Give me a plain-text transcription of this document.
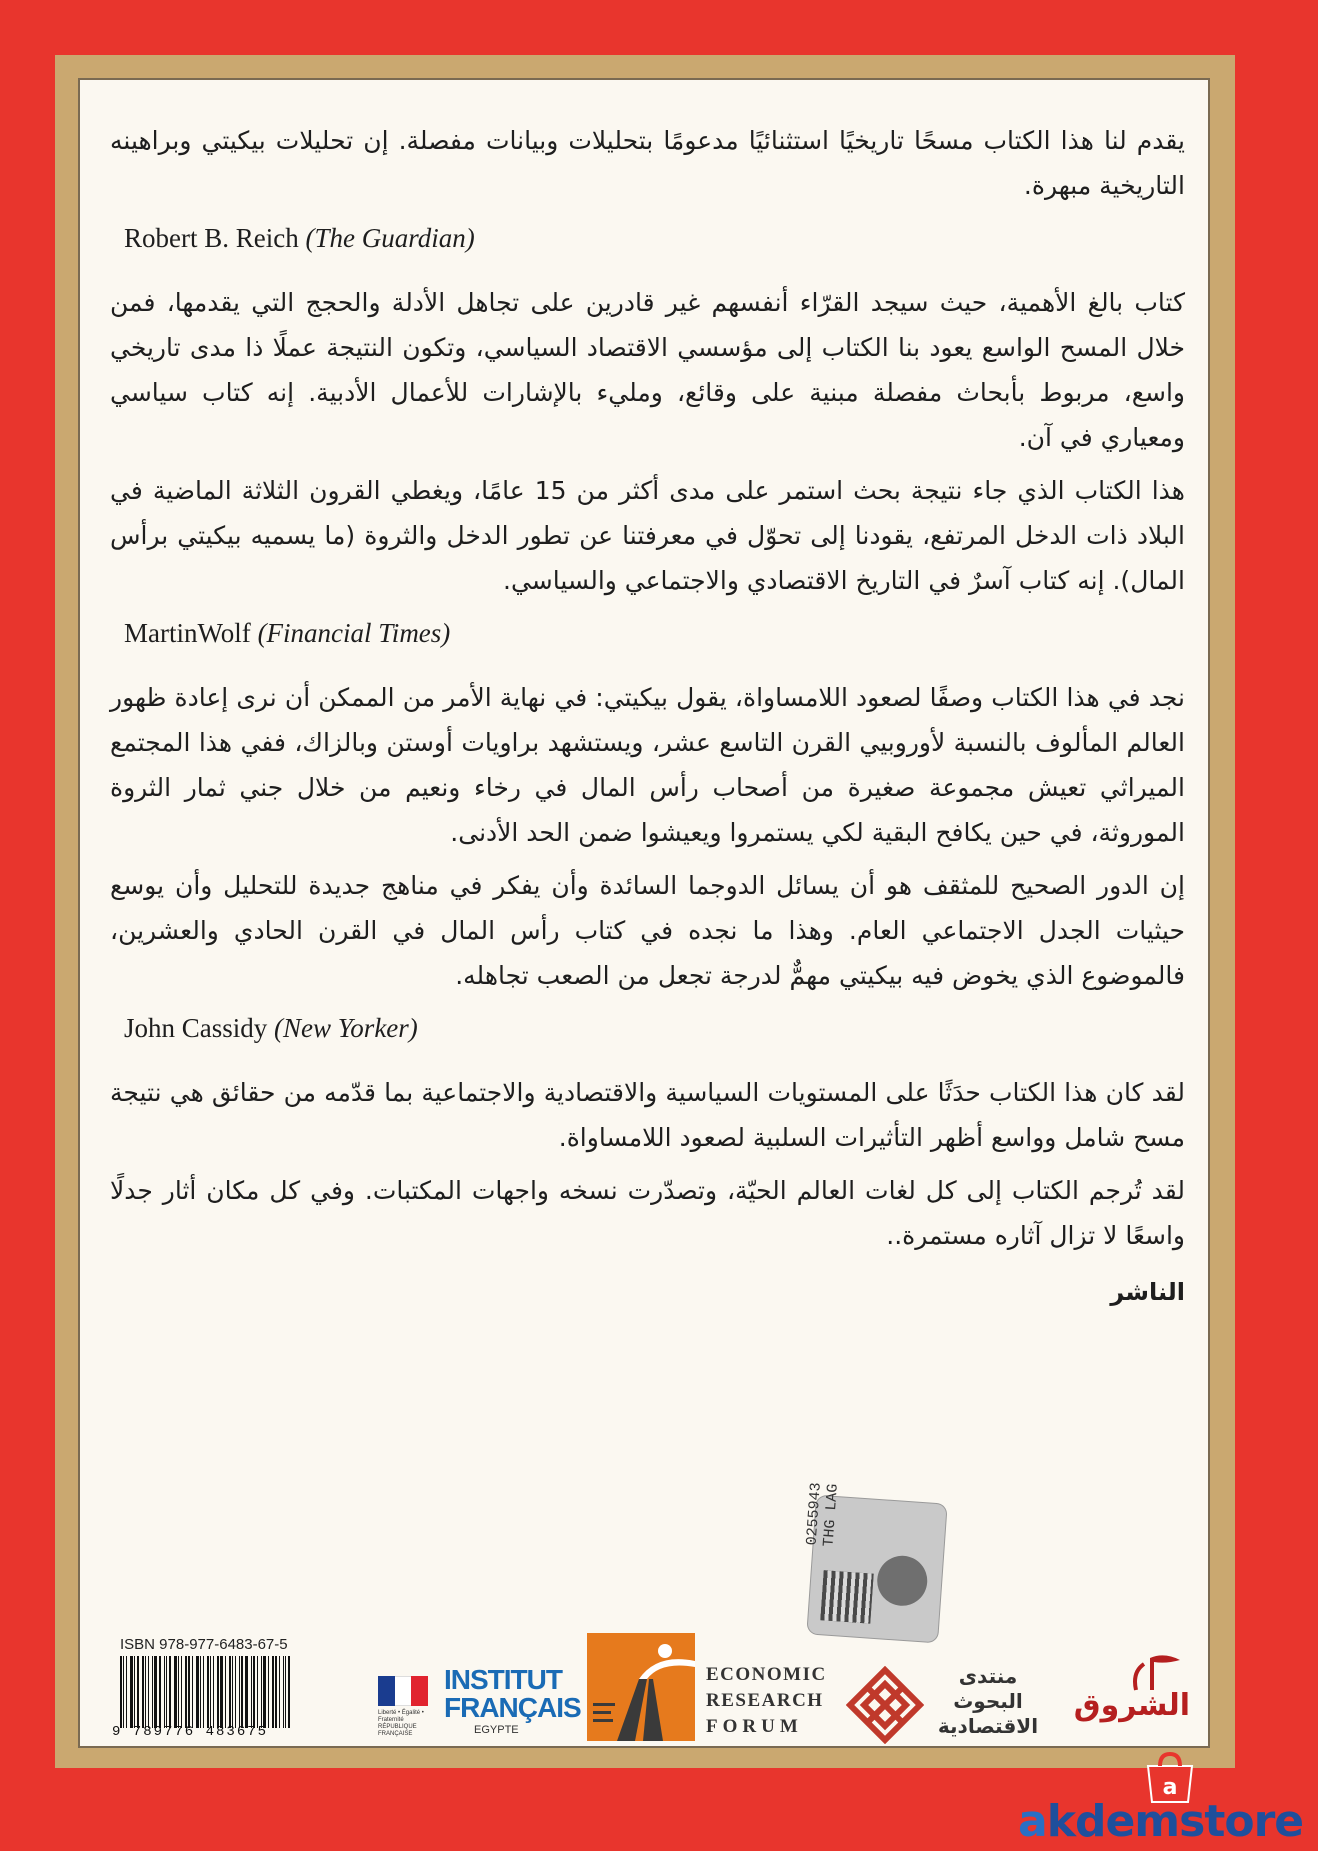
يقدم لنا هذا الكتاب مسحًا تاريخيًا استثنائيًا مدعومًا بتحليلات وبيانات مفصلة. إن تحليلات بيكيتي وبراهينه التاريخية مبهرة.

Robert B. Reich (The Guardian)

كتاب بالغ الأهمية، حيث سيجد القرّاء أنفسهم غير قادرين على تجاهل الأدلة والحجج التي يقدمها، فمن خلال المسح الواسع يعود بنا الكتاب إلى مؤسسي الاقتصاد السياسي، وتكون النتيجة عملًا ذا مدى تاريخي واسع، مربوط بأبحاث مفصلة مبنية على وقائع، ومليء بالإشارات للأعمال الأدبية. إنه كتاب سياسي ومعياري في آن.

هذا الكتاب الذي جاء نتيجة بحث استمر على مدى أكثر من 15 عامًا، ويغطي القرون الثلاثة الماضية في البلاد ذات الدخل المرتفع، يقودنا إلى تحوّل في معرفتنا عن تطور الدخل والثروة (ما يسميه بيكيتي برأس المال). إنه كتاب آسرٌ في التاريخ الاقتصادي والاجتماعي والسياسي.

MartinWolf (Financial Times)

نجد في هذا الكتاب وصفًا لصعود اللامساواة، يقول بيكيتي: في نهاية الأمر من الممكن أن نرى إعادة ظهور العالم المألوف بالنسبة لأوروبيي القرن التاسع عشر، ويستشهد براويات أوستن وبالزاك، ففي هذا المجتمع الميراثي تعيش مجموعة صغيرة من أصحاب رأس المال في رخاء ونعيم من خلال جني ثمار الثروة الموروثة، في حين يكافح البقية لكي يستمروا ويعيشوا ضمن الحد الأدنى.

إن الدور الصحيح للمثقف هو أن يسائل الدوجما السائدة وأن يفكر في مناهج جديدة للتحليل وأن يوسع حيثيات الجدل الاجتماعي العام. وهذا ما نجده في كتاب رأس المال في القرن الحادي والعشرين، فالموضوع الذي يخوض فيه بيكيتي مهمٌّ لدرجة تجعل من الصعب تجاهله.

John Cassidy (New Yorker)

لقد كان هذا الكتاب حدَثًا على المستويات السياسية والاقتصادية والاجتماعية بما قدّمه من حقائق هي نتيجة مسح شامل وواسع أظهر التأثيرات السلبية لصعود اللامساواة.

لقد تُرجم الكتاب إلى كل لغات العالم الحيّة، وتصدّرت نسخه واجهات المكتبات. وفي كل مكان أثار جدلًا واسعًا لا تزال آثاره مستمرة..

الناشر

0255943
THG LAG
ISBN 978-977-6483-67-5
9 789776 483675
Liberté • Égalité • Fraternité RÉPUBLIQUE FRANÇAISE
INSTITUT
FRANÇAIS
EGYPTE
ECONOMIC
RESEARCH
FORUM
منتدى
البحوث
الاقتصادية
الشروق
a
akdemstore
